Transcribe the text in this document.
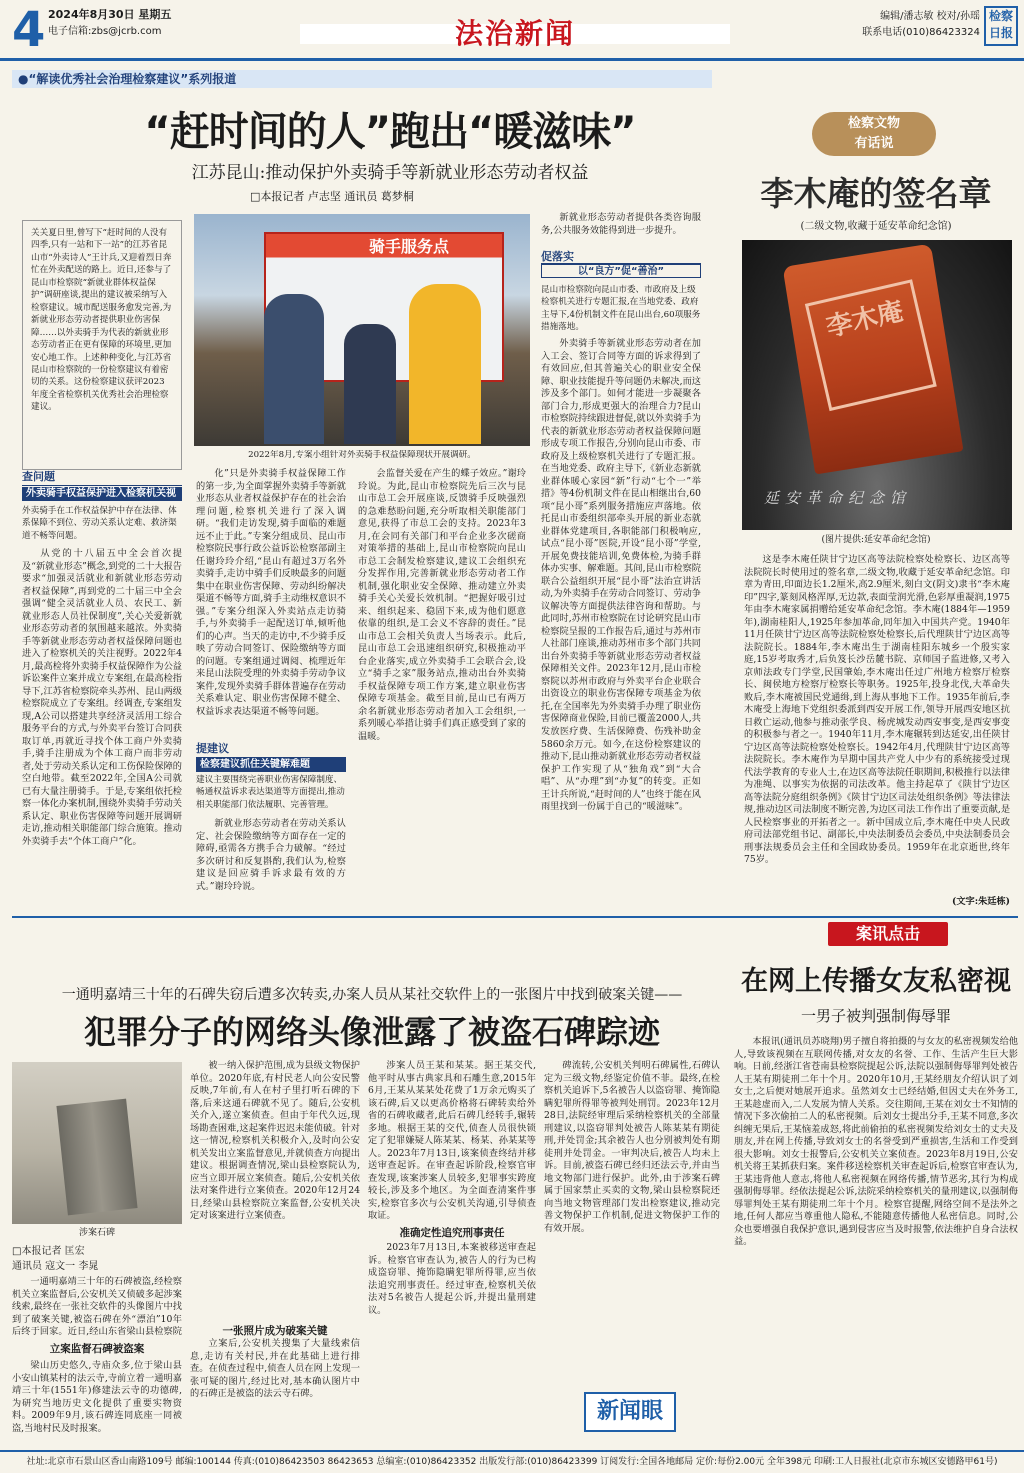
4 2024年8月30日 星期五
电子信箱:zbs@jcrb.com	法治新闻
编辑/潘志敏 校对/孙瑶
联系电话(010)86423324
检察日报
●“解读优秀社会治理检察建议”系列报道
“赶时间的人”跑出“暖滋味”
江苏昆山:推动保护外卖骑手等新就业形态劳动者权益
□本报记者 卢志坚 通讯员 葛梦桐
关关夏日里,曾写下“赶时间的人没有四季,只有一站和下一站”的江苏省昆山市“外卖诗人”王计兵,又迎着烈日奔忙在外卖配送的路上。近日,还参与了昆山市检察院“新就业群体权益保护”调研座谈,提出的建议被采纳写入检察建议。城市配送服务愈发完善,为新就业形态劳动者提供职业伤害保障……以外卖骑手为代表的新就业形态劳动者正在更有保障的环境里,更加安心地工作。上述种种变化,与江苏省昆山市检察院的一份检察建议有着密切的关系。这份检察建议获评2023年度全省检察机关优秀社会治理检察建议。
骑手服务点
2022年8月,专案小组针对外卖骑手权益保障现状开展调研。
查问题
外卖骑手权益保护进入检察机关视
外卖骑手在工作权益保护中存在法律、体系保障不到位、劳动关系认定难、救济渠道不畅等问题。

从党的十八届五中全会首次提及“新就业形态”概念,到党的二十大报告要求“加强灵活就业和新就业形态劳动者权益保障”,再到党的二十届三中全会强调“健全灵活就业人员、农民工、新就业形态人员社保制度”,关心关爱新就业形态劳动者的氛围越来越浓。外卖骑手等新就业形态劳动者权益保障问题也进入了检察机关的关注视野。2022年4月,最高检将外卖骑手权益保障作为公益诉讼案件立案并成立专案组,在最高检指导下,江苏省检察院牵头苏州、昆山两级检察院成立了专案组。经调查,专案组发现,A公司以搭建共享经济灵活用工综合服务平台的方式,与外卖平台签订合同获取订单,再就近寻找个体工商户外卖骑手,骑手注册成为个体工商户而非劳动者,处于劳动关系认定和工伤保险保障的空白地带。截至2022年,全国A公司就已有大量注册骑手。于是,专案组依托检察一体化办案机制,围绕外卖骑手劳动关系认定、职业伤害保障等问题开展调研走访,推动相关职能部门综合施策。推动外卖骑手去“个体工商户”化。

化”只是外卖骑手权益保障工作的第一步,为全面掌握外卖骑手等新就业形态从业者权益保护存在的社会治理问题,检察机关进行了深入调研。“我们走访发现,骑手面临的难题远不止于此。”专案分组成员、昆山市检察院民事行政公益诉讼检察部副主任谢玲玲介绍,“昆山有超过3万名外卖骑手,走访中骑手们反映最多的问题集中在职业伤害保障、劳动纠纷解决渠道不畅等方面,骑手主动维权意识不强。”专案分组深入外卖站点走访骑手,与外卖骑手一起配送订单,倾听他们的心声。当天的走访中,不少骑手反映了劳动合同签订、保险缴纳等方面的问题。专案组通过调阅、梳理近年来昆山法院受理的外卖骑手劳动争议案件,发现外卖骑手群体普遍存在劳动关系难认定、职业伤害保障不健全、权益诉求表达渠道不畅等问题。

提建议
检察建议抓住关键解难题
建议主要围绕完善职业伤害保障制度、畅通权益诉求表达渠道等方面提出,推动相关职能部门依法履职、完善管理。

新就业形态劳动者在劳动关系认定、社会保险缴纳等方面存在一定的障碍,亟需各方携手合力破解。“经过多次研讨和反复斟酌,我们认为,检察建议是回应骑手诉求最有效的方式。”谢玲玲说。

会监督关爱在产生的蝶子效应。”谢玲玲说。为此,昆山市检察院先后三次与昆山市总工会开展座谈,反馈骑手反映强烈的急难愁盼问题,充分听取相关职能部门意见,获得了市总工会的支持。2023年3月,在会同有关部门和平台企业多次磋商对策举措的基础上,昆山市检察院向昆山市总工会制发检察建议,建议工会组织充分发挥作用,完善新就业形态劳动者工作机制,强化职业安全保障、推动建立外卖骑手关心关爱长效机制。“把握好吸引过来、组织起来、稳固下来,成为他们愿意依靠的组织,是工会义不容辞的责任。”昆山市总工会相关负责人当场表示。此后,昆山市总工会迅速组织研究,积极推动平台企业落实,成立外卖骑手工会联合会,设立“骑手之家”服务站点,推动出台外卖骑手权益保障专项工作方案,建立职业伤害保障专项基金。截至目前,昆山已有两万余名新就业形态劳动者加入工会组织,一系列暖心举措让骑手们真正感受到了家的温暖。

新就业形态劳动者提供各类咨询服务,公共服务效能得到进一步提升。

促落实
以“良方”促“善治”
昆山市检察院向昆山市委、市政府及上级检察机关进行专题汇报,在当地党委、政府主导下,4份机制文件在昆山出台,60项服务措施落地。

外卖骑手等新就业形态劳动者在加入工会、签订合同等方面的诉求得到了有效回应,但其普遍关心的职业安全保障、职业技能提升等问题仍未解决,而这涉及多个部门。如何才能进一步凝聚各部门合力,形成更强大的治理合力?昆山市检察院持续跟进督促,就以外卖骑手为代表的新就业形态劳动者权益保障问题形成专项工作报告,分别向昆山市委、市政府及上级检察机关进行了专题汇报。在当地党委、政府主导下,《新业态新就业群体暖心家园“新”行动“七个一”举措》等4份机制文件在昆山相继出台,60项“昆小哥”系列服务措施应声落地。依托昆山市委组织部牵头开展的新业态就业群体党建项目,各职能部门积极响应,试点“昆小哥”医院,开设“昆小哥”学堂,开展免费技能培训,免费体检,为骑手群体办实事、解难题。其间,昆山市检察院联合公益组织开展“昆小哥”法治宣讲活动,为外卖骑手在劳动合同签订、劳动争议解决等方面提供法律咨询和帮助。与此同时,苏州市检察院在讨论研究昆山市检察院呈报的工作报告后,通过与苏州市人社部门座谈,推动苏州市多个部门共同出台外卖骑手等新就业形态劳动者权益保障相关文件。2023年12月,昆山市检察院以苏州市政府与外卖平台企业联合出资设立的职业伤害保障专项基金为依托,在全国率先为外卖骑手办理了职业伤害保障商业保险,目前已覆盖2000人,共发放医疗费、生活保障费、伤残补助金5860余万元。如今,在这份检察建议的推动下,昆山推动新就业形态劳动者权益保护工作实现了从“独角戏”到“大合唱”、从“办理”到“办复”的转变。正如王计兵所说,“赶时间的人”也终于能在风雨里找到一份属于自己的“暖滋味”。

检察文物
有话说
李木庵的签名章
(二级文物,收藏于延安革命纪念馆)
李木庵
延安革命纪念馆
(图片提供:延安革命纪念馆)

这是李木庵任陕甘宁边区高等法院检察处检察长、边区高等法院院长时使用过的签名章,二级文物,收藏于延安革命纪念馆。印章为青田,印面边长1.2厘米,高2.9厘米,刻白文(阴文)隶书“李木庵印”四字,篆刻风格浑厚,无边款,表面莹润光滑,色彩厚重凝润,1975年由李木庵家属捐赠给延安革命纪念馆。李木庵(1884年—1959年),湖南桂阳人,1925年参加革命,同年加入中国共产党。1940年11月任陕甘宁边区高等法院检察处检察长,后代理陕甘宁边区高等法院院长。1884年,李木庵出生于湖南桂阳东城乡一个殷实家庭,15岁考取秀才,后负笈长沙岳麓书院、京师国子监进修,又考入京师法政专门学堂,民国肇始,李木庵出任过广州地方检察厅检察长、闽侯地方检察厅检察长等职务。1925年,投身北伐,大革命失败后,李木庵被国民党通缉,到上海从事地下工作。1935年前后,李木庵受上海地下党组织委派到西安开展工作,领导开展西安地区抗日救亡运动,他参与推动张学良、杨虎城发动西安事变,是西安事变的积极参与者之一。1940年11月,李木庵辗转到达延安,出任陕甘宁边区高等法院检察处检察长。1942年4月,代理陕甘宁边区高等法院院长。李木庵作为早期中国共产党人中少有的系统接受过现代法学教育的专业人士,在边区高等法院任职期间,积极推行以法律为准绳、以事实为依据的司法改革。他主持起草了《陕甘宁边区高等法院分庭组织条例》《陕甘宁边区司法处组织条例》等法律法规,推动边区司法制度不断完善,为边区司法工作作出了重要贡献,是人民检察事业的开拓者之一。新中国成立后,李木庵任中央人民政府司法部党组书记、副部长,中央法制委员会委员,中央法制委员会刑事法规委员会主任和全国政协委员。1959年在北京逝世,终年75岁。

(文字:朱廷栋)
案讯点击
一通明嘉靖三十年的石碑失窃后遭多次转卖,办案人员从某社交软件上的一张图片中找到破案关键——
犯罪分子的网络头像泄露了被盗石碑踪迹
涉案石碑
□本报记者 匡宏
通讯员 寇文一 李晁

一通明嘉靖三十年的石碑被盗,经检察机关立案监督后,公安机关又侦破多起涉案线索,最终在一张社交软件的头像图片中找到了破案关键,被盗石碑在外“漂泊”10年后终于回家。近日,经山东省梁山县检察院

立案监督石碑被盗案

梁山历史悠久,寺庙众多,位于梁山县小安山镇某村的法云寺,寺前立着一通明嘉靖三十年(1551年)修建法云寺的功德碑,为研究当地历史文化提供了重要实物资料。2009年9月,该石碑连同底座一同被盗,当地村民及时报案。

被一纳入保护范围,成为县级文物保护单位。2020年底,有村民老人向公安民警反映,7年前,有人在村子里打听石碑的下落,后来这通石碑就不见了。随后,公安机关介入,遂立案侦查。但由于年代久远,现场勘查困难,这起案件迟迟未能侦破。针对这一情况,检察机关积极介入,及时向公安机关发出立案监督意见,并就侦查方向提出建议。根据调查情况,梁山县检察院认为,应当立即开展立案侦查。随后,公安机关依法对案件进行立案侦查。2020年12月24日,经梁山县检察院立案监督,公安机关决定对该案进行立案侦查。

立案后,公安机关搜集了大量线索信息,走访有关村民,并在此基础上进行排查。在侦查过程中,侦查人员在网上发现一张可疑的图片,经过比对,基本确认图片中的石碑正是被盗的法云寺石碑。

一张照片成为破案关键

涉案人员王某和某某。据王某交代,他平时从事古典家具和石雕生意,2015年6月,王某从某某处花费了1万余元购买了该石碑,后又以更高价格将石碑转卖给外省的石碑收藏者,此后石碑几经转手,辗转多地。根据王某的交代,侦查人员很快锁定了犯罪嫌疑人陈某某、杨某、孙某某等人。2023年7月13日,该案侦查终结并移送审查起诉。在审查起诉阶段,检察官审查发现,该案涉案人员较多,犯罪事实跨度较长,涉及多个地区。为全面查清案件事实,检察官多次与公安机关沟通,引导侦查取证。

2023年7月13日,本案被移送审查起诉。检察官审查认为,被告人的行为已构成盗窃罪、掩饰隐瞒犯罪所得罪,应当依法追究刑事责任。经过审查,检察机关依法对5名被告人提起公诉,并提出量刑建议。

准确定性追究刑事责任

碑流转,公安机关判明石碑属性,石碑认定为三级文物,经鉴定价值不菲。最终,在检察机关追诉下,5名被告人以盗窃罪、掩饰隐瞒犯罪所得罪等被判处刑罚。2023年12月28日,法院经审理后采纳检察机关的全部量刑建议,以盗窃罪判处被告人陈某某有期徒刑,并处罚金;其余被告人也分别被判处有期徒刑并处罚金。一审判决后,被告人均未上诉。目前,被盗石碑已经归还法云寺,并由当地文物部门进行保护。此外,由于涉案石碑属于国家禁止买卖的文物,梁山县检察院还向当地文物管理部门发出检察建议,推动完善文物保护工作机制,促进文物保护工作的有效开展。

新闻眼
在网上传播女友私密视
一男子被判强制侮辱罪

本报讯(通讯员苏晓翔)男子擅自将拍摄的与女友的私密视频发给他人,导致该视频在互联网传播,对女友的名誉、工作、生活产生巨大影响。日前,经浙江省苍南县检察院提起公诉,法院以强制侮辱罪判处被告人王某有期徒刑二年十个月。2020年10月,王某经朋友介绍认识了刘女士,之后便对她展开追求。虽然刘女士已经结婚,但因丈夫在外务工,王某趁虚而入,二人发展为情人关系。交往期间,王某在刘女士不知情的情况下多次偷拍二人的私密视频。后刘女士提出分手,王某不同意,多次纠缠无果后,王某恼羞成怒,将此前偷拍的私密视频发给刘女士的丈夫及朋友,并在网上传播,导致刘女士的名誉受到严重损害,生活和工作受到很大影响。刘女士报警后,公安机关立案侦查。2023年8月19日,公安机关将王某抓获归案。案件移送检察机关审查起诉后,检察官审查认为,王某违背他人意志,将他人私密视频在网络传播,情节恶劣,其行为构成强制侮辱罪。经依法提起公诉,法院采纳检察机关的量刑建议,以强制侮辱罪判处王某有期徒刑二年十个月。检察官提醒,网络空间不是法外之地,任何人都应当尊重他人隐私,不能随意传播他人私密信息。同时,公众也要增强自我保护意识,遇到侵害应当及时报警,依法维护自身合法权益。

社址:北京市石景山区香山南路109号 邮编:100144 传真:(010)86423503 86423653 总编室:(010)86423352 出版发行部:(010)86423399 订阅发行:全国各地邮局 定价:每份2.00元 全年398元 印刷:工人日报社(北京市东城区安德路甲61号)
